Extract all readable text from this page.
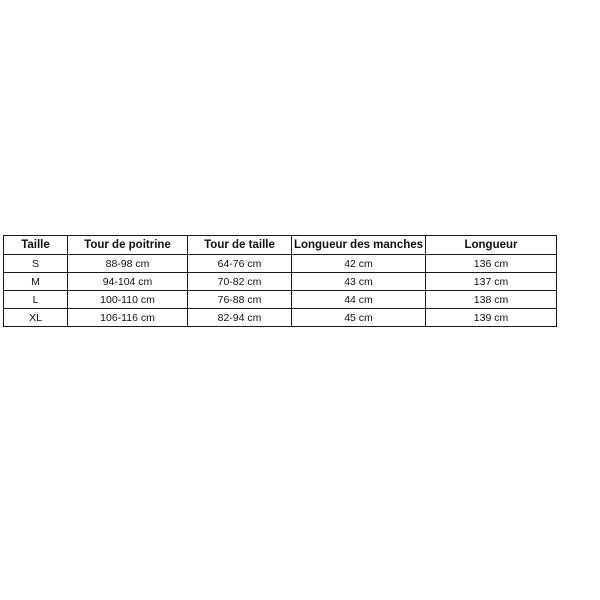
Taille	Tour de poitrine	Tour de taille	Longueur des manches	Longueur
S	88-98 cm	64-76 cm	42 cm	136 cm
M	94-104 cm	70-82 cm	43 cm	137 cm
L	100-110 cm	76-88 cm	44 cm	138 cm
XL	106-116 cm	82-94 cm	45 cm	139 cm
